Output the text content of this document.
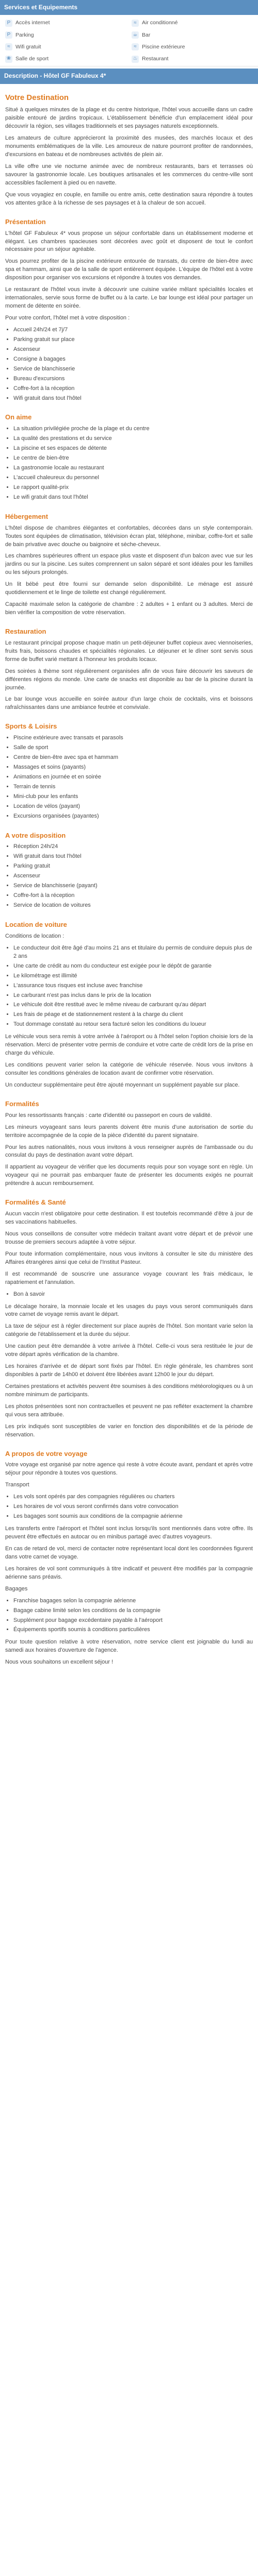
Services et Equipements
P Accès internet	≈ Air conditionné
P Parking	☕ Bar
≈ Wifi gratuit	≈ Piscine extérieure
❀ Salle de sport	♨ Restaurant
Description - Hôtel GF Fabuleux 4*
Votre Destination

Situé à quelques minutes de la plage et du centre historique, l'hôtel vous accueille dans un cadre paisible entouré de jardins tropicaux. L'établissement bénéficie d'un emplacement idéal pour découvrir la région, ses villages traditionnels et ses paysages naturels exceptionnels.

Les amateurs de culture apprécieront la proximité des musées, des marchés locaux et des monuments emblématiques de la ville. Les amoureux de nature pourront profiter de randonnées, d'excursions en bateau et de nombreuses activités de plein air.

La ville offre une vie nocturne animée avec de nombreux restaurants, bars et terrasses où savourer la gastronomie locale. Les boutiques artisanales et les commerces du centre-ville sont accessibles facilement à pied ou en navette.

Que vous voyagiez en couple, en famille ou entre amis, cette destination saura répondre à toutes vos attentes grâce à la richesse de ses paysages et à la chaleur de son accueil.

Présentation

L'hôtel GF Fabuleux 4* vous propose un séjour confortable dans un établissement moderne et élégant. Les chambres spacieuses sont décorées avec goût et disposent de tout le confort nécessaire pour un séjour agréable.

Vous pourrez profiter de la piscine extérieure entourée de transats, du centre de bien-être avec spa et hammam, ainsi que de la salle de sport entièrement équipée. L'équipe de l'hôtel est à votre disposition pour organiser vos excursions et répondre à toutes vos demandes.

Le restaurant de l'hôtel vous invite à découvrir une cuisine variée mêlant spécialités locales et internationales, servie sous forme de buffet ou à la carte. Le bar lounge est idéal pour partager un moment de détente en soirée.

Pour votre confort, l'hôtel met à votre disposition :

• Accueil 24h/24 et 7j/7
• Parking gratuit sur place
• Ascenseur
• Consigne à bagages
• Service de blanchisserie
• Bureau d'excursions
• Coffre-fort à la réception
• Wifi gratuit dans tout l'hôtel
On aime
• La situation privilégiée proche de la plage et du centre
• La qualité des prestations et du service
• La piscine et ses espaces de détente
• Le centre de bien-être
• La gastronomie locale au restaurant
• L'accueil chaleureux du personnel
• Le rapport qualité-prix
• Le wifi gratuit dans tout l'hôtel
Hébergement

L'hôtel dispose de chambres élégantes et confortables, décorées dans un style contemporain. Toutes sont équipées de climatisation, télévision écran plat, téléphone, minibar, coffre-fort et salle de bain privative avec douche ou baignoire et sèche-cheveux.

Les chambres supérieures offrent un espace plus vaste et disposent d'un balcon avec vue sur les jardins ou sur la piscine. Les suites comprennent un salon séparé et sont idéales pour les familles ou les séjours prolongés.

Un lit bébé peut être fourni sur demande selon disponibilité. Le ménage est assuré quotidiennement et le linge de toilette est changé régulièrement.

Capacité maximale selon la catégorie de chambre : 2 adultes + 1 enfant ou 3 adultes. Merci de bien vérifier la composition de votre réservation.

Restauration

Le restaurant principal propose chaque matin un petit-déjeuner buffet copieux avec viennoiseries, fruits frais, boissons chaudes et spécialités régionales. Le déjeuner et le dîner sont servis sous forme de buffet varié mettant à l'honneur les produits locaux.

Des soirées à thème sont régulièrement organisées afin de vous faire découvrir les saveurs de différentes régions du monde. Une carte de snacks est disponible au bar de la piscine durant la journée.

Le bar lounge vous accueille en soirée autour d'un large choix de cocktails, vins et boissons rafraîchissantes dans une ambiance feutrée et conviviale.

Sports & Loisirs
• Piscine extérieure avec transats et parasols
• Salle de sport
• Centre de bien-être avec spa et hammam
• Massages et soins (payants)
• Animations en journée et en soirée
• Terrain de tennis
• Mini-club pour les enfants
• Location de vélos (payant)
• Excursions organisées (payantes)
A votre disposition
• Réception 24h/24
• Wifi gratuit dans tout l'hôtel
• Parking gratuit
• Ascenseur
• Service de blanchisserie (payant)
• Coffre-fort à la réception
• Service de location de voitures
Location de voiture

Conditions de location :

• Le conducteur doit être âgé d'au moins 21 ans et titulaire du permis de conduire depuis plus de 2 ans
• Une carte de crédit au nom du conducteur est exigée pour le dépôt de garantie
• Le kilométrage est illimité
• L'assurance tous risques est incluse avec franchise
• Le carburant n'est pas inclus dans le prix de la location
• Le véhicule doit être restitué avec le même niveau de carburant qu'au départ
• Les frais de péage et de stationnement restent à la charge du client
• Tout dommage constaté au retour sera facturé selon les conditions du loueur

Le véhicule vous sera remis à votre arrivée à l'aéroport ou à l'hôtel selon l'option choisie lors de la réservation. Merci de présenter votre permis de conduire et votre carte de crédit lors de la prise en charge du véhicule.

Les conditions peuvent varier selon la catégorie de véhicule réservée. Nous vous invitons à consulter les conditions générales de location avant de confirmer votre réservation.

Un conducteur supplémentaire peut être ajouté moyennant un supplément payable sur place.

Formalités

Pour les ressortissants français : carte d'identité ou passeport en cours de validité.

Les mineurs voyageant sans leurs parents doivent être munis d'une autorisation de sortie du territoire accompagnée de la copie de la pièce d'identité du parent signataire.

Pour les autres nationalités, nous vous invitons à vous renseigner auprès de l'ambassade ou du consulat du pays de destination avant votre départ.

Il appartient au voyageur de vérifier que les documents requis pour son voyage sont en règle. Un voyageur qui ne pourrait pas embarquer faute de présenter les documents exigés ne pourrait prétendre à aucun remboursement.

Formalités & Santé

Aucun vaccin n'est obligatoire pour cette destination. Il est toutefois recommandé d'être à jour de ses vaccinations habituelles.

Nous vous conseillons de consulter votre médecin traitant avant votre départ et de prévoir une trousse de premiers secours adaptée à votre séjour.

Pour toute information complémentaire, nous vous invitons à consulter le site du ministère des Affaires étrangères ainsi que celui de l'Institut Pasteur.

Il est recommandé de souscrire une assurance voyage couvrant les frais médicaux, le rapatriement et l'annulation.

• Bon à savoir

Le décalage horaire, la monnaie locale et les usages du pays vous seront communiqués dans votre carnet de voyage remis avant le départ.

La taxe de séjour est à régler directement sur place auprès de l'hôtel. Son montant varie selon la catégorie de l'établissement et la durée du séjour.

Une caution peut être demandée à votre arrivée à l'hôtel. Celle-ci vous sera restituée le jour de votre départ après vérification de la chambre.

Les horaires d'arrivée et de départ sont fixés par l'hôtel. En règle générale, les chambres sont disponibles à partir de 14h00 et doivent être libérées avant 12h00 le jour du départ.

Certaines prestations et activités peuvent être soumises à des conditions météorologiques ou à un nombre minimum de participants.

Les photos présentées sont non contractuelles et peuvent ne pas refléter exactement la chambre qui vous sera attribuée.

Les prix indiqués sont susceptibles de varier en fonction des disponibilités et de la période de réservation.

A propos de votre voyage

Votre voyage est organisé par notre agence qui reste à votre écoute avant, pendant et après votre séjour pour répondre à toutes vos questions.

Transport

• Les vols sont opérés par des compagnies régulières ou charters
• Les horaires de vol vous seront confirmés dans votre convocation
• Les bagages sont soumis aux conditions de la compagnie aérienne

Les transferts entre l'aéroport et l'hôtel sont inclus lorsqu'ils sont mentionnés dans votre offre. Ils peuvent être effectués en autocar ou en minibus partagé avec d'autres voyageurs.

En cas de retard de vol, merci de contacter notre représentant local dont les coordonnées figurent dans votre carnet de voyage.

Les horaires de vol sont communiqués à titre indicatif et peuvent être modifiés par la compagnie aérienne sans préavis.

Bagages

• Franchise bagages selon la compagnie aérienne
• Bagage cabine limité selon les conditions de la compagnie
• Supplément pour bagage excédentaire payable à l'aéroport
• Équipements sportifs soumis à conditions particulières

Pour toute question relative à votre réservation, notre service client est joignable du lundi au samedi aux horaires d'ouverture de l'agence.

Nous vous souhaitons un excellent séjour !
